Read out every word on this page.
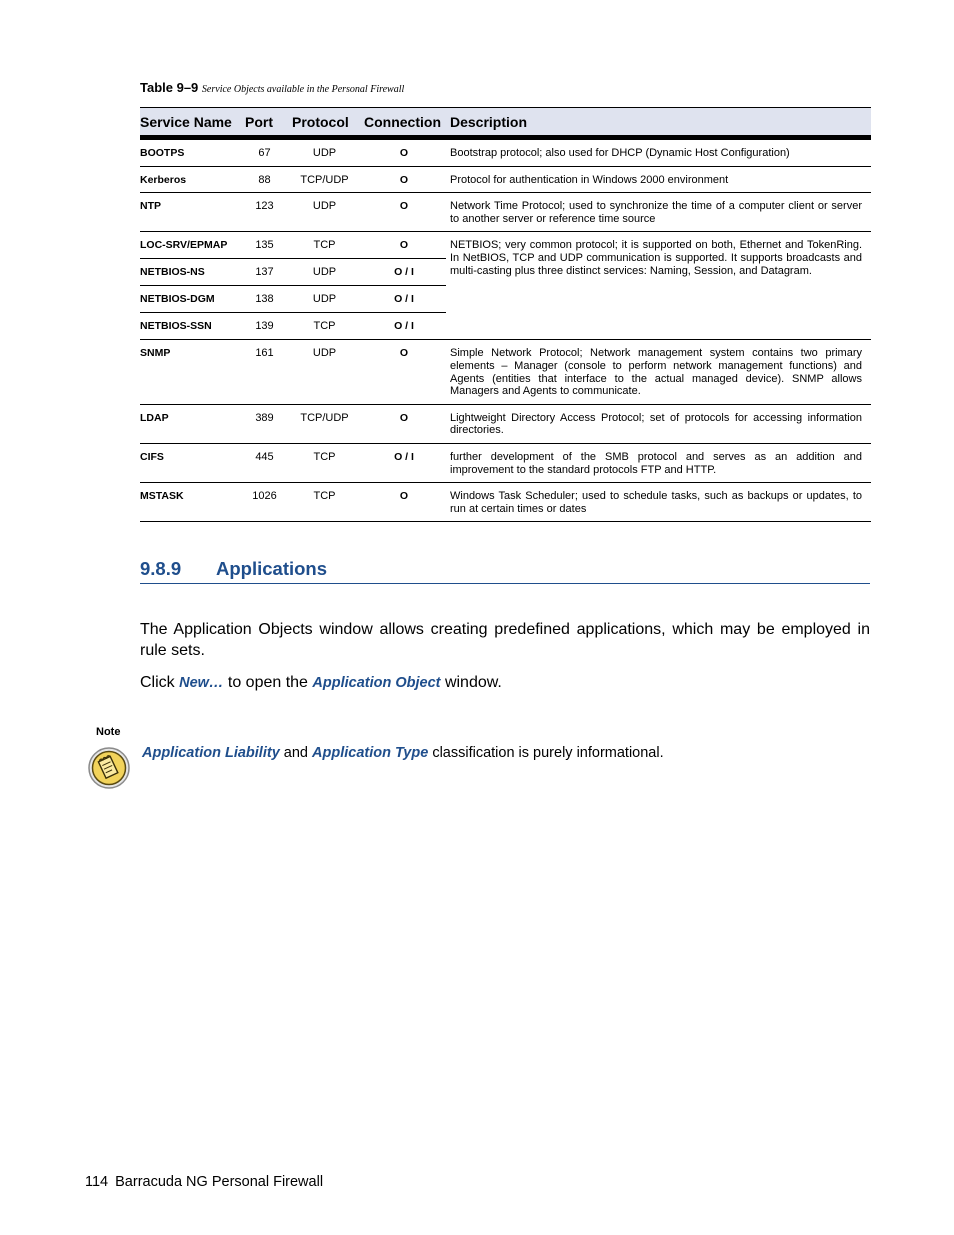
Table 9–9 Service Objects available in the Personal Firewall
Service Name	Port	Protocol	Connection	Description
BOOTPS	67	UDP	O	Bootstrap protocol; also used for DHCP (Dynamic Host Configuration)
Kerberos	88	TCP/UDP	O	Protocol for authentication in Windows 2000 environment
NTP	123	UDP	O	Network Time Protocol; used to synchronize the time of a computer client or server to another server or reference time source
LOC-SRV/EPMAP	135	TCP	O	NETBIOS; very common protocol; it is supported on both, Ethernet and TokenRing. In NetBIOS, TCP and UDP communication is supported. It supports broadcasts and multi-casting plus three distinct services: Naming, Session, and Datagram.
NETBIOS-NS	137	UDP	O / I	
NETBIOS-DGM	138	UDP	O / I	
NETBIOS-SSN	139	TCP	O / I	
SNMP	161	UDP	O	Simple Network Protocol; Network management system contains two primary elements – Manager (console to perform network management functions) and Agents (entities that interface to the actual managed device). SNMP allows Managers and Agents to communicate.
LDAP	389	TCP/UDP	O	Lightweight Directory Access Protocol; set of protocols for accessing information directories.
CIFS	445	TCP	O / I	further development of the SMB protocol and serves as an addition and improvement to the standard protocols FTP and HTTP.
MSTASK	1026	TCP	O	Windows Task Scheduler; used to schedule tasks, such as backups or updates, to run at certain times or dates
9.8.9 Applications
The Application Objects window allows creating predefined applications, which may be employed in rule sets.
Click New… to open the Application Object window.
Note
Application Liability and Application Type classification is purely informational.
114 Barracuda NG Personal Firewall
